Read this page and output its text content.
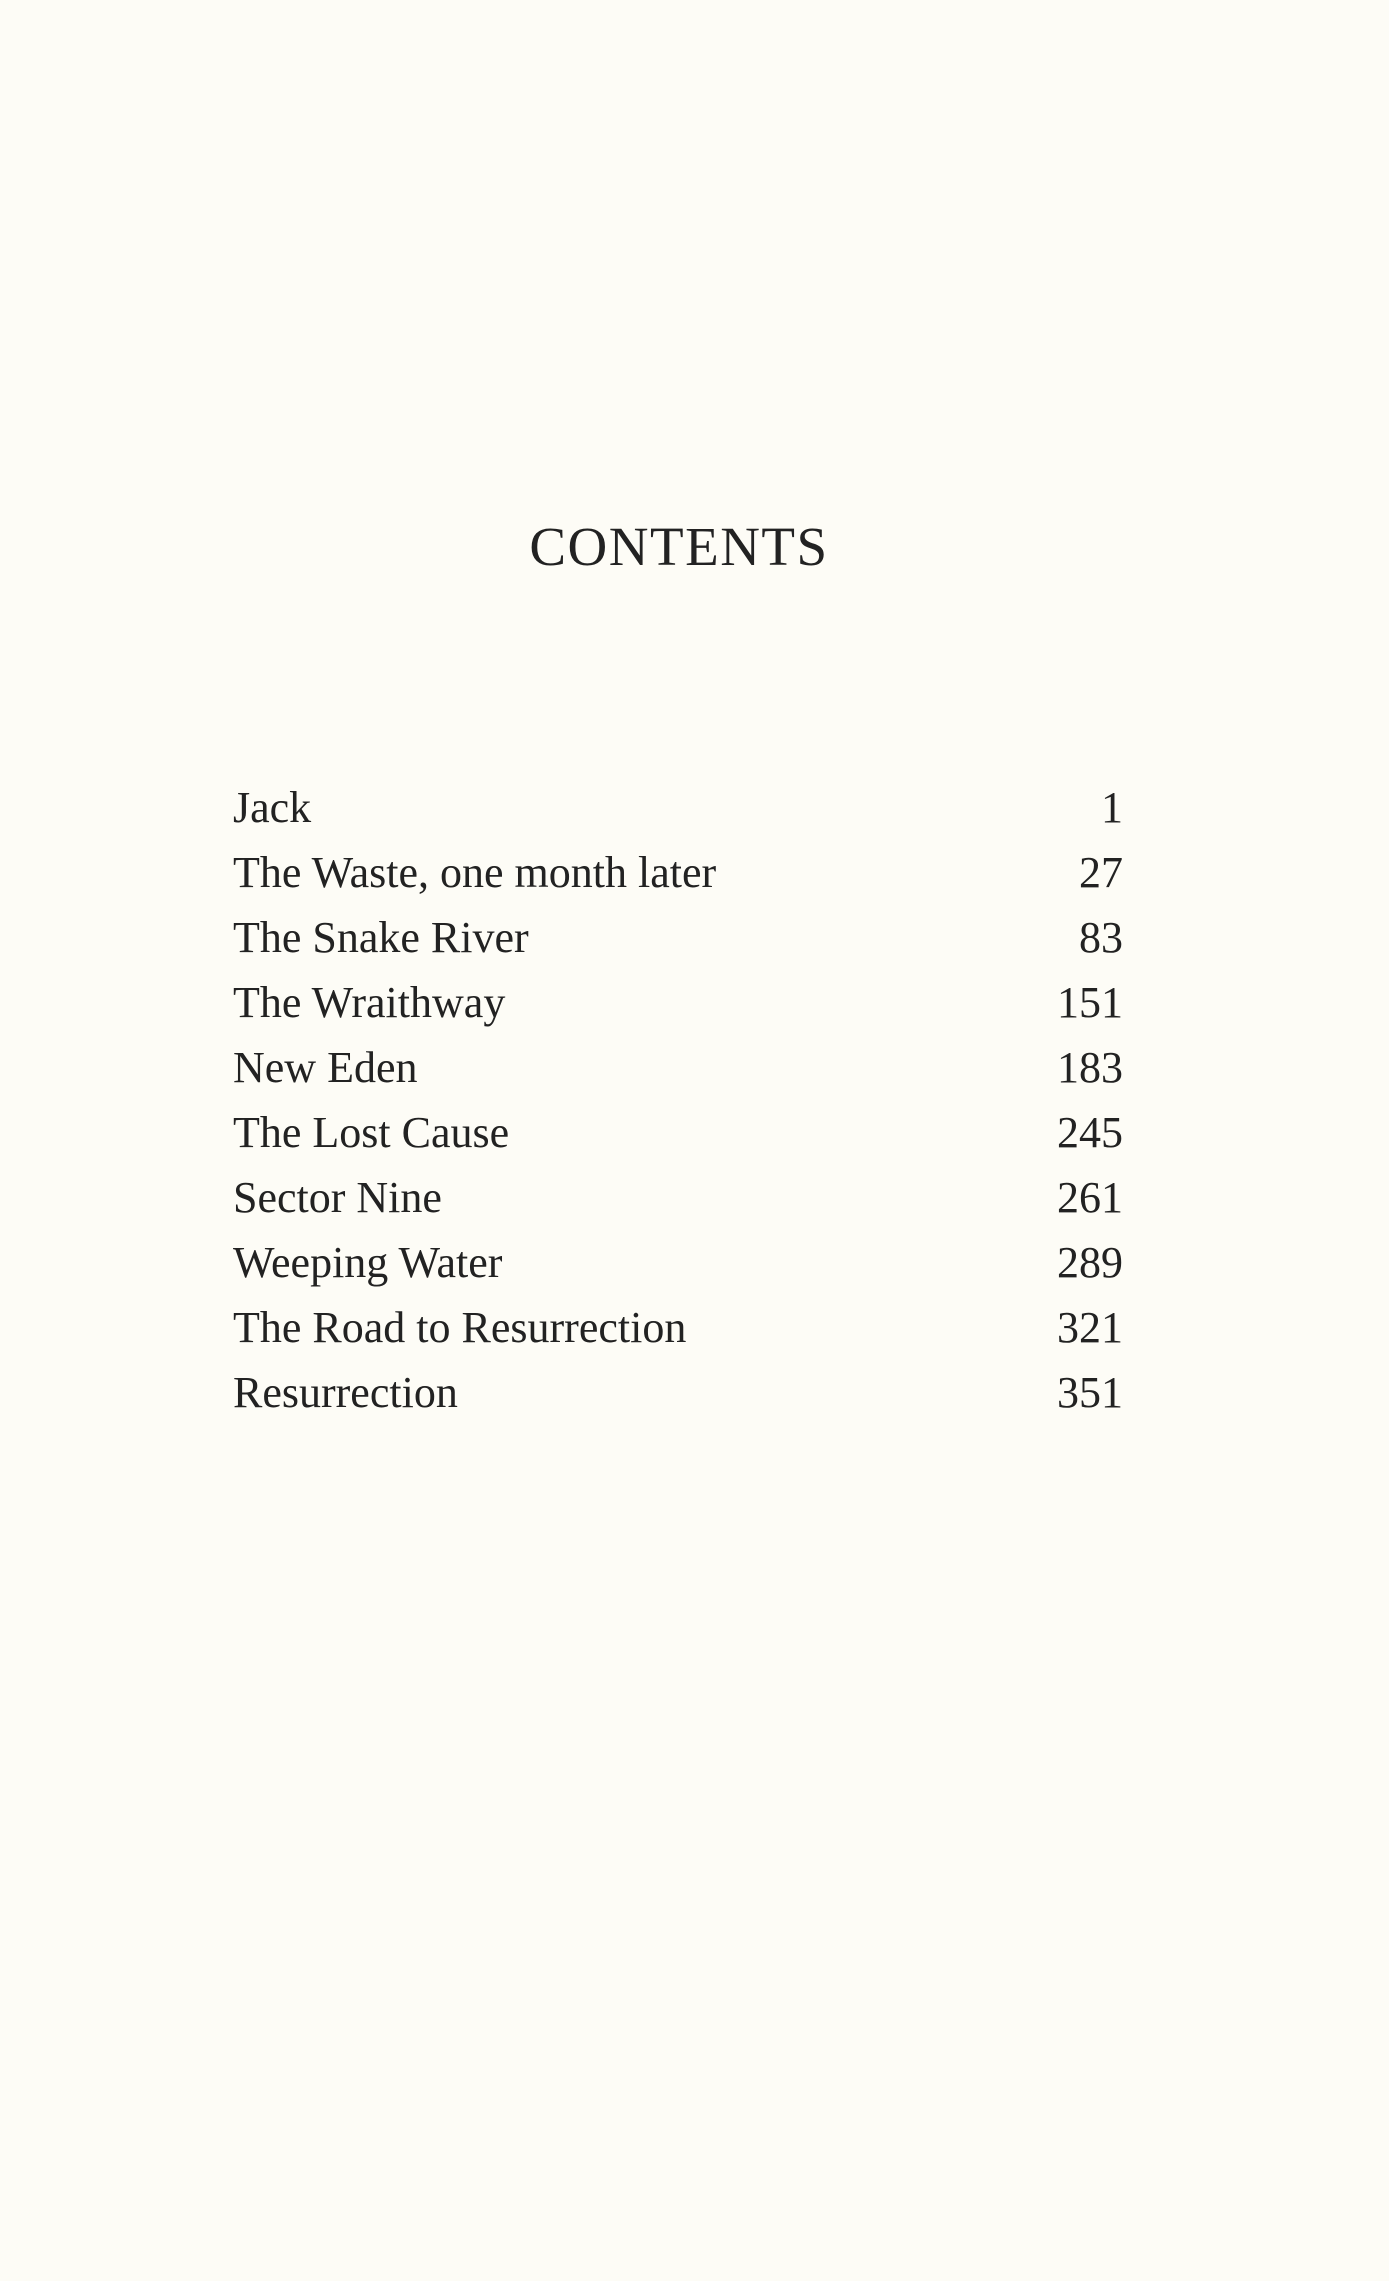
CONTENTS
Jack	1
The Waste, one month later	27
The Snake River	83
The Wraithway	151
New Eden	183
The Lost Cause	245
Sector Nine	261
Weeping Water	289
The Road to Resurrection	321
Resurrection	351
